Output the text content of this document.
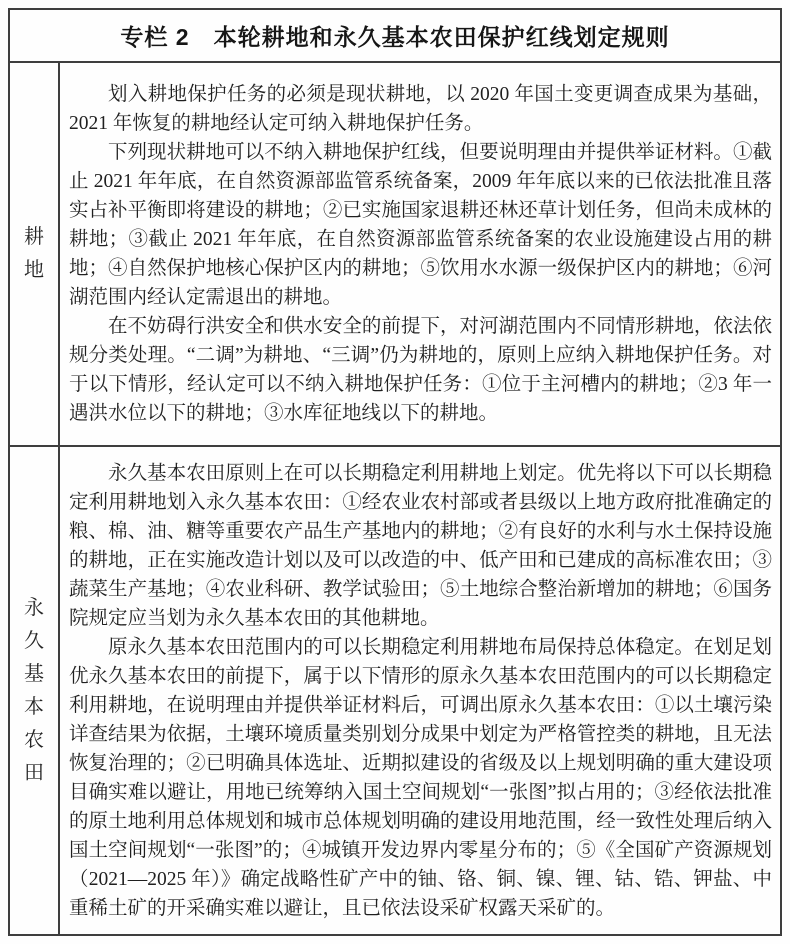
专栏 2　本轮耕地和永久基本农田保护红线划定规则
耕地

划入耕地保护任务的必须是现状耕地，以 2020 年国土变更调查成果为基础，2021 年恢复的耕地经认定可纳入耕地保护任务。

下列现状耕地可以不纳入耕地保护红线，但要说明理由并提供举证材料。①截止 2021 年年底，在自然资源部监管系统备案，2009 年年底以来的已依法批准且落实占补平衡即将建设的耕地；②已实施国家退耕还林还草计划任务，但尚未成林的耕地；③截止 2021 年年底，在自然资源部监管系统备案的农业设施建设占用的耕地；④自然保护地核心保护区内的耕地；⑤饮用水水源一级保护区内的耕地；⑥河湖范围内经认定需退出的耕地。

在不妨碍行洪安全和供水安全的前提下，对河湖范围内不同情形耕地，依法依规分类处理。“二调”为耕地、“三调”仍为耕地的，原则上应纳入耕地保护任务。对于以下情形，经认定可以不纳入耕地保护任务：①位于主河槽内的耕地；②3 年一遇洪水位以下的耕地；③水库征地线以下的耕地。

永久基本农田

永久基本农田原则上在可以长期稳定利用耕地上划定。优先将以下可以长期稳定利用耕地划入永久基本农田：①经农业农村部或者县级以上地方政府批准确定的粮、棉、油、糖等重要农产品生产基地内的耕地；②有良好的水利与水土保持设施的耕地，正在实施改造计划以及可以改造的中、低产田和已建成的高标准农田；③蔬菜生产基地；④农业科研、教学试验田；⑤土地综合整治新增加的耕地；⑥国务院规定应当划为永久基本农田的其他耕地。

原永久基本农田范围内的可以长期稳定利用耕地布局保持总体稳定。在划足划优永久基本农田的前提下，属于以下情形的原永久基本农田范围内的可以长期稳定利用耕地，在说明理由并提供举证材料后，可调出原永久基本农田：①以土壤污染详查结果为依据，土壤环境质量类别划分成果中划定为严格管控类的耕地，且无法恢复治理的；②已明确具体选址、近期拟建设的省级及以上规划明确的重大建设项目确实难以避让，用地已统筹纳入国土空间规划“一张图”拟占用的；③经依法批准的原土地利用总体规划和城市总体规划明确的建设用地范围，经一致性处理后纳入国土空间规划“一张图”的；④城镇开发边界内零星分布的；⑤《全国矿产资源规划（2021—2025 年）》确定战略性矿产中的铀、铬、铜、镍、锂、钴、锆、钾盐、中重稀土矿的开采确实难以避让，且已依法设采矿权露天采矿的。
